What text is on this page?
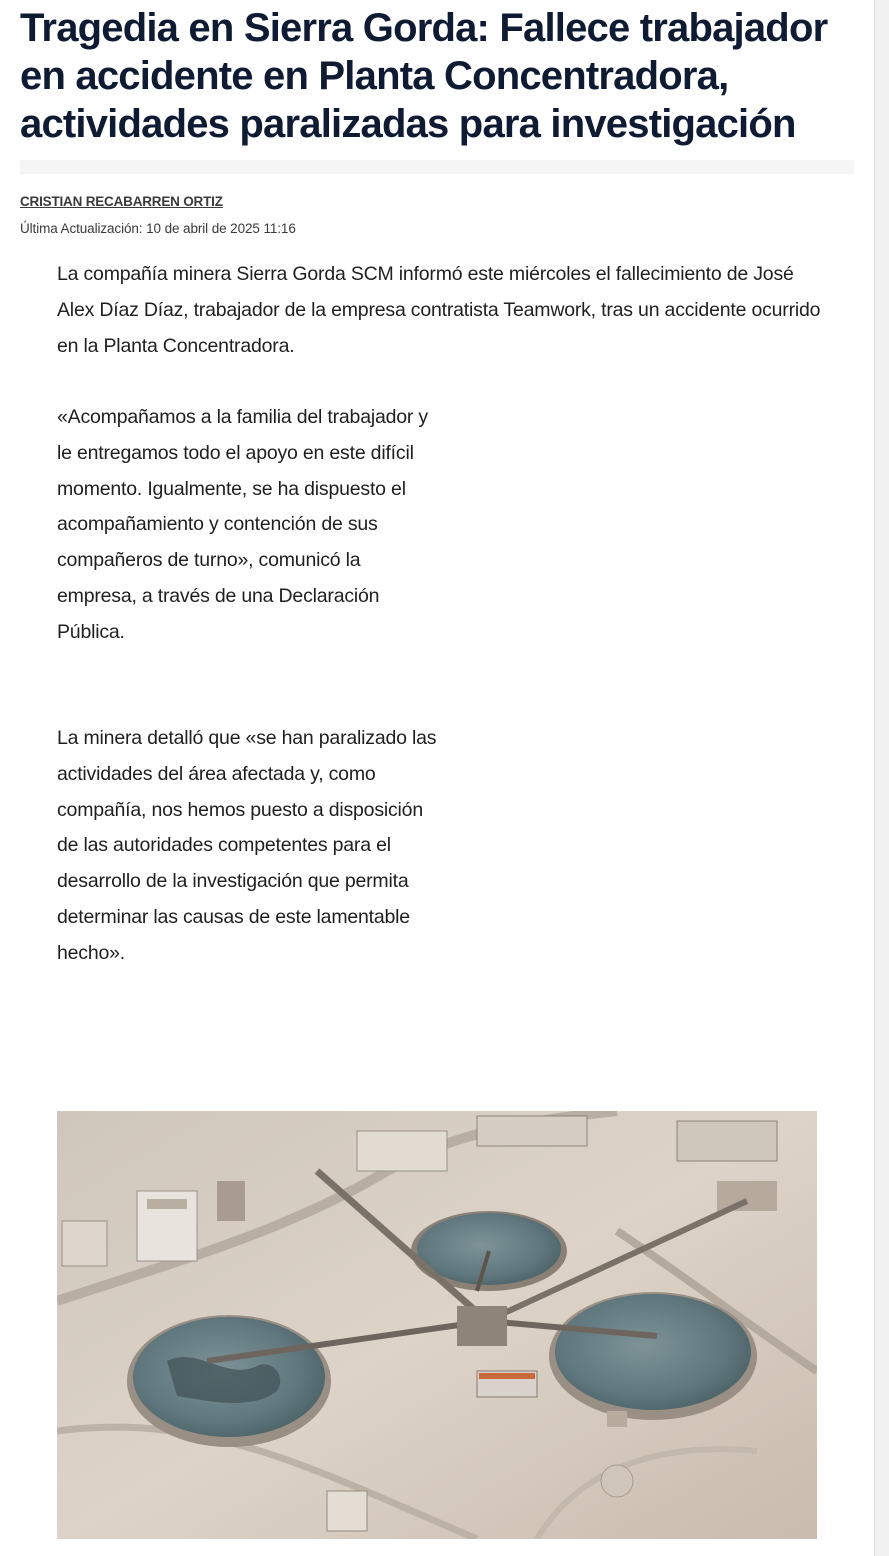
Tragedia en Sierra Gorda: Fallece trabajador en accidente en Planta Concentradora, actividades paralizadas para investigación
CRISTIAN RECABARREN ORTIZ
Última Actualización: 10 de abril de 2025 11:16

La compañía minera Sierra Gorda SCM informó este miércoles el fallecimiento de José Alex Díaz Díaz, trabajador de la empresa contratista Teamwork, tras un accidente ocurrido en la Planta Concentradora.

«Acompañamos a la familia del trabajador y le entregamos todo el apoyo en este difícil momento. Igualmente, se ha dispuesto el acompañamiento y contención de sus compañeros de turno», comunicó la empresa, a través de una Declaración Pública.

La minera detalló que «se han paralizado las actividades del área afectada y, como compañía, nos hemos puesto a disposición de las autoridades competentes para el desarrollo de la investigación que permita determinar las causas de este lamentable hecho».
